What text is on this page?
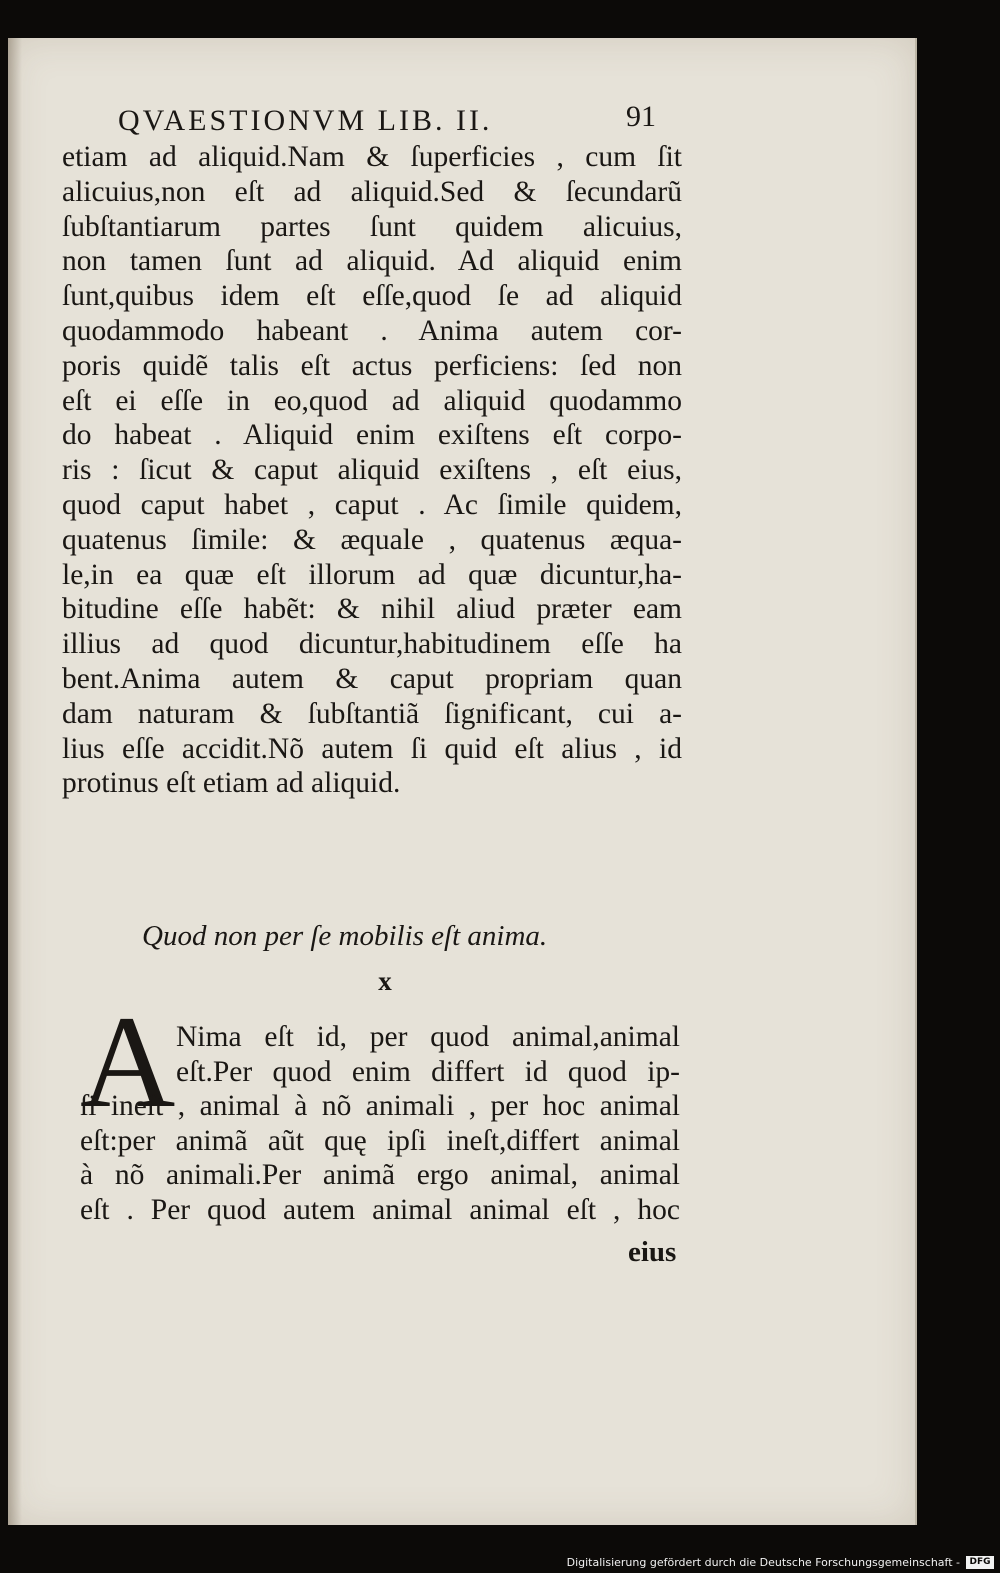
QVAESTIONVM LIB. II.	91
etiam ad aliquid.Nam & ſuperficies , cum ſit
alicuius,non eſt ad aliquid.Sed & ſecundarũ
ſubſtantiarum partes ſunt quidem alicuius,
non tamen ſunt ad aliquid. Ad aliquid enim
ſunt,quibus idem eſt eſſe,quod ſe ad aliquid
quodammodo habeant . Anima autem cor-
poris quidẽ talis eſt actus perficiens: ſed non
eſt ei eſſe in eo,quod ad aliquid quodammo
do habeat . Aliquid enim exiſtens eſt corpo-
ris : ſicut & caput aliquid exiſtens , eſt eius,
quod caput habet , caput . Ac ſimile quidem,
quatenus ſimile: & æquale , quatenus æqua-
le,in ea quæ eſt illorum ad quæ dicuntur,ha-
bitudine eſſe habẽt: & nihil aliud præter eam
illius ad quod dicuntur,habitudinem eſſe ha
bent.Anima autem & caput propriam quan
dam naturam & ſubſtantiã ſignificant, cui a-
lius eſſe accidit.Nõ autem ſi quid eſt alius , id
protinus eſt etiam ad aliquid.
Quod non per ſe mobilis eſt anima.
x
A Nima eſt id, per quod animal,animal
eſt.Per quod enim differt id quod ip-
ſi ineſt , animal à nõ animali , per hoc animal
eſt:per animã aũt quę ipſi ineſt,differt animal
à nõ animali.Per animã ergo animal, animal
eſt . Per quod autem animal animal eſt , hoc
eius
Digitalisierung gefördert durch die Deutsche Forschungsgemeinschaft -	DFG
